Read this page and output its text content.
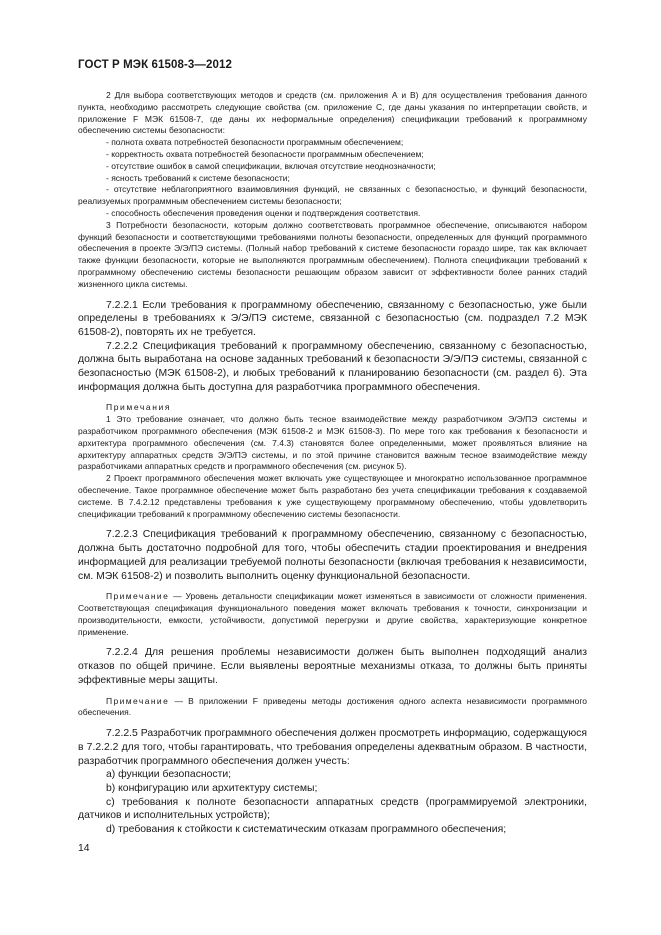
ГОСТ Р МЭК 61508-3—2012

2 Для выбора соответствующих методов и средств (см. приложения А и В) для осуществления требования данного пункта, необходимо рассмотреть следующие свойства (см. приложение С, где даны указания по интерпретации свойств, и приложение F МЭК 61508-7, где даны их неформальные определения) спецификации требований к программному обеспечению системы безопасности:

- полнота охвата потребностей безопасности программным обеспечением;

- корректность охвата потребностей безопасности программным обеспечением;

- отсутствие ошибок в самой спецификации, включая отсутствие неоднозначности;

- ясность требований к системе безопасности;

- отсутствие неблагоприятного взаимовлияния функций, не связанных с безопасностью, и функций безопасности, реализуемых программным обеспечением системы безопасности;

- способность обеспечения проведения оценки и подтверждения соответствия.

3 Потребности безопасности, которым должно соответствовать программное обеспечение, описываются набором функций безопасности и соответствующими требованиями полноты безопасности, определенных для функций программного обеспечения в проекте Э/Э/ПЭ системы. (Полный набор требований к системе безопасности гораздо шире, так как включает также функции безопасности, которые не выполняются программным обеспечением). Полнота спецификации требований к программному обеспечению системы безопасности решающим образом зависит от эффективности более ранних стадий жизненного цикла системы.

7.2.2.1 Если требования к программному обеспечению, связанному с безопасностью, уже были определены в требованиях к Э/Э/ПЭ системе, связанной с безопасностью (см. подраздел 7.2 МЭК 61508-2), повторять их не требуется.

7.2.2.2 Спецификация требований к программному обеспечению, связанному с безопасностью, должна быть выработана на основе заданных требований к безопасности Э/Э/ПЭ системы, связанной с безопасностью (МЭК 61508-2), и любых требований к планированию безопасности (см. раздел 6). Эта информация должна быть доступна для разработчика программного обеспечения.

Примечания

1 Это требование означает, что должно быть тесное взаимодействие между разработчиком Э/Э/ПЭ системы и разработчиком программного обеспечения (МЭК 61508-2 и МЭК 61508-3). По мере того как требования к безопасности и архитектура программного обеспечения (см. 7.4.3) становятся более определенными, может проявляться влияние на архитектуру аппаратных средств Э/Э/ПЭ системы, и по этой причине становится важным тесное взаимодействие между разработчиками аппаратных средств и программного обеспечения (см. рисунок 5).

2 Проект программного обеспечения может включать уже существующее и многократно использованное программное обеспечение. Такое программное обеспечение может быть разработано без учета спецификации требования к создаваемой системе. В 7.4.2.12 представлены требования к уже существующему программному обеспечению, чтобы удовлетворить спецификации требований к программному обеспечению системы безопасности.

7.2.2.3 Спецификация требований к программному обеспечению, связанному с безопасностью, должна быть достаточно подробной для того, чтобы обеспечить стадии проектирования и внедрения информацией для реализации требуемой полноты безопасности (включая требования к независимости, см. МЭК 61508-2) и позволить выполнить оценку функциональной безопасности.

Примечание — Уровень детальности спецификации может изменяться в зависимости от сложности применения. Соответствующая спецификация функционального поведения может включать требования к точности, синхронизации и производительности, емкости, устойчивости, допустимой перегрузки и другие свойства, характеризующие конкретное применение.

7.2.2.4 Для решения проблемы независимости должен быть выполнен подходящий анализ отказов по общей причине. Если выявлены вероятные механизмы отказа, то должны быть приняты эффективные меры защиты.

Примечание — В приложении F приведены методы достижения одного аспекта независимости программного обеспечения.

7.2.2.5 Разработчик программного обеспечения должен просмотреть информацию, содержащуюся в 7.2.2.2 для того, чтобы гарантировать, что требования определены адекватным образом. В частности, разработчик программного обеспечения должен учесть:

а) функции безопасности;

b) конфигурацию или архитектуру системы;

с) требования к полноте безопасности аппаратных средств (программируемой электроники, датчиков и исполнительных устройств);

d) требования к стойкости к систематическим отказам программного обеспечения;

14
